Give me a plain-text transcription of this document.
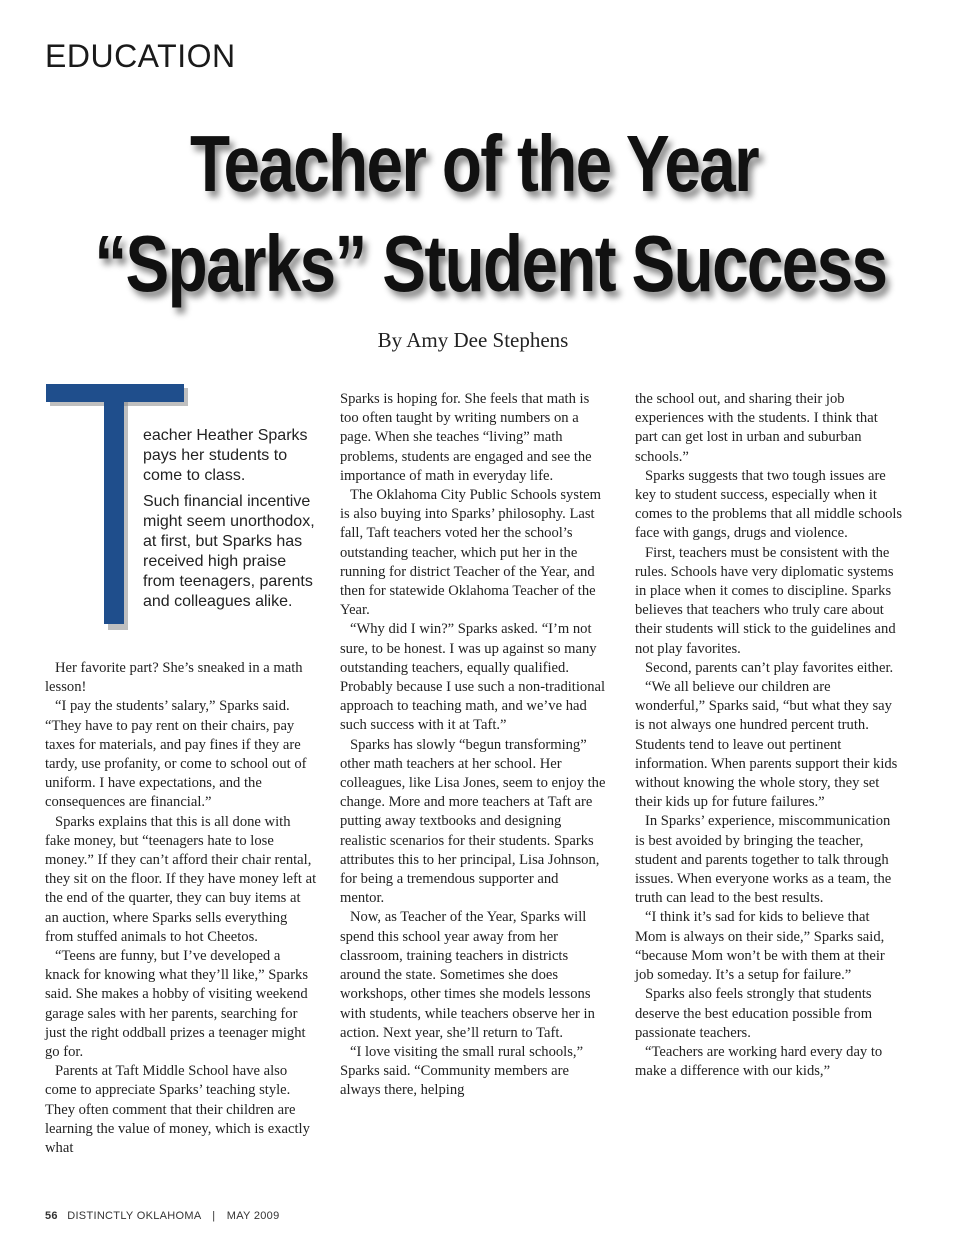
EDUCATION
Teacher of the Year
“Sparks” Student Success
By Amy Dee Stephens
eacher Heather Sparks pays her students to come to class.
Such financial incentive might seem unorthodox, at first, but Sparks has received high praise from teenagers, parents and colleagues alike.

Her favorite part? She’s sneaked in a math lesson!

“I pay the students’ salary,” Sparks said. “They have to pay rent on their chairs, pay taxes for materials, and pay fines if they are tardy, use profanity, or come to school out of uniform. I have expectations, and the consequences are financial.”

Sparks explains that this is all done with fake money, but “teenagers hate to lose money.” If they can’t afford their chair rental, they sit on the floor. If they have money left at the end of the quarter, they can buy items at an auction, where Sparks sells everything from stuffed animals to hot Cheetos.

“Teens are funny, but I’ve developed a knack for knowing what they’ll like,” Sparks said. She makes a hobby of visiting weekend garage sales with her parents, searching for just the right oddball prizes a teenager might go for.

Parents at Taft Middle School have also come to appreciate Sparks’ teaching style. They often comment that their children are learning the value of money, which is exactly what

Sparks is hoping for. She feels that math is too often taught by writing numbers on a page. When she teaches “living” math problems, students are engaged and see the importance of math in everyday life.

The Oklahoma City Public Schools system is also buying into Sparks’ philosophy. Last fall, Taft teachers voted her the school’s outstanding teacher, which put her in the running for district Teacher of the Year, and then for statewide Oklahoma Teacher of the Year.

“Why did I win?” Sparks asked. “I’m not sure, to be honest. I was up against so many outstanding teachers, equally qualified. Probably because I use such a non-traditional approach to teaching math, and we’ve had such success with it at Taft.”

Sparks has slowly “begun transforming” other math teachers at her school. Her colleagues, like Lisa Jones, seem to enjoy the change. More and more teachers at Taft are putting away textbooks and designing realistic scenarios for their students. Sparks attributes this to her principal, Lisa Johnson, for being a tremendous supporter and mentor.

Now, as Teacher of the Year, Sparks will spend this school year away from her classroom, training teachers in districts around the state. Sometimes she does workshops, other times she models lessons with students, while teachers observe her in action. Next year, she’ll return to Taft.

“I love visiting the small rural schools,” Sparks said. “Community members are always there, helping

the school out, and sharing their job experiences with the students. I think that part can get lost in urban and suburban schools.”

Sparks suggests that two tough issues are key to student success, especially when it comes to the problems that all middle schools face with gangs, drugs and violence.

First, teachers must be consistent with the rules. Schools have very diplomatic systems in place when it comes to discipline. Sparks believes that teachers who truly care about their students will stick to the guidelines and not play favorites.

Second, parents can’t play favorites either.

“We all believe our children are wonderful,” Sparks said, “but what they say is not always one hundred percent truth. Students tend to leave out pertinent information. When parents support their kids without knowing the whole story, they set their kids up for future failures.”

In Sparks’ experience, miscommunication is best avoided by bringing the teacher, student and parents together to talk through issues. When everyone works as a team, the truth can lead to the best results.

“I think it’s sad for kids to believe that Mom is always on their side,” Sparks said, “because Mom won’t be with them at their job someday. It’s a setup for failure.”

Sparks also feels strongly that students deserve the best education possible from passionate teachers.

“Teachers are working hard every day to make a difference with our kids,”

56 DISTINCTLY OKLAHOMA | MAY 2009
